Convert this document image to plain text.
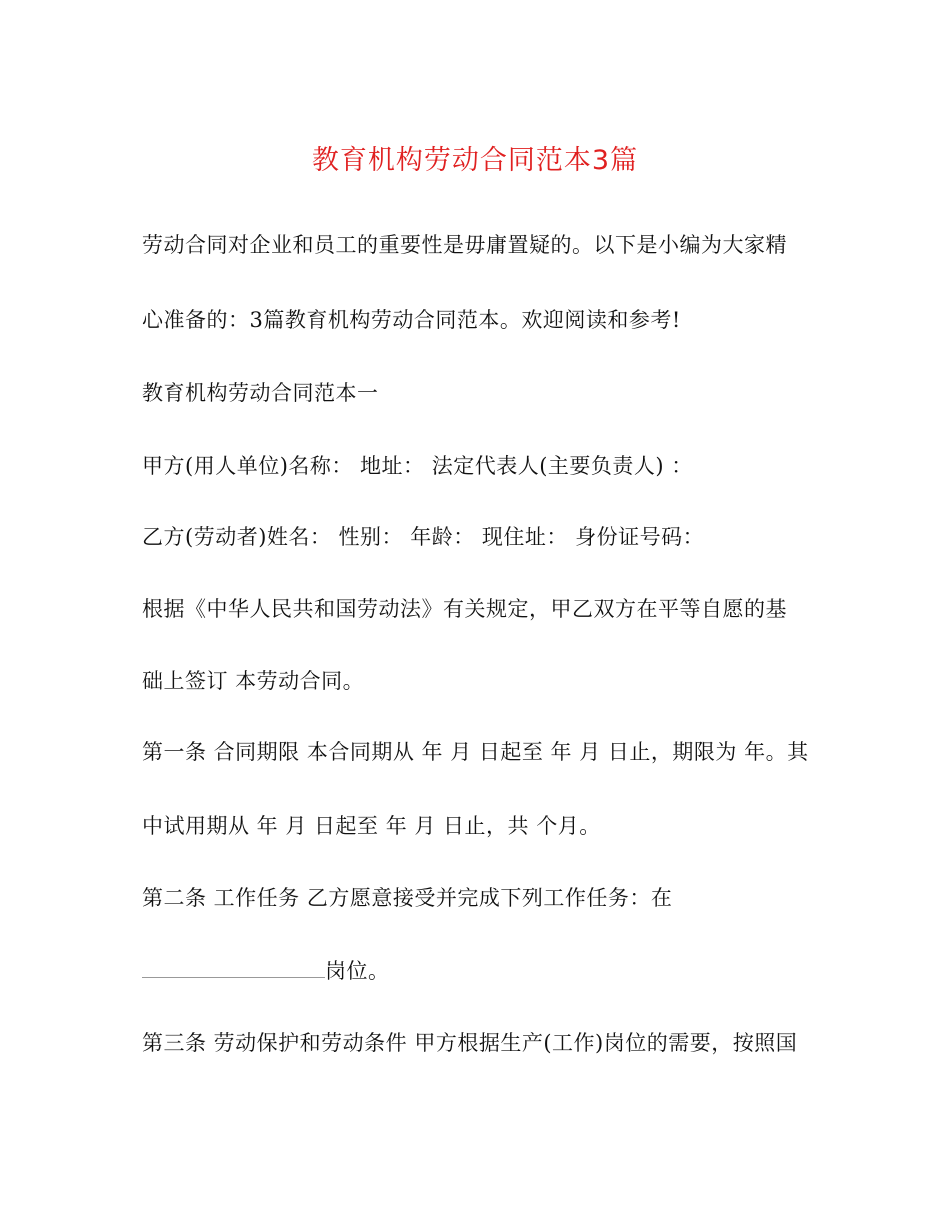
教育机构劳动合同范本3篇
劳动合同对企业和员工的重要性是毋庸置疑的。以下是小编为大家精
心准备的：3篇教育机构劳动合同范本。欢迎阅读和参考!
教育机构劳动合同范本一
甲方(用人单位)名称： 地址： 法定代表人(主要负责人) ：
乙方(劳动者)姓名： 性别： 年龄： 现住址： 身份证号码：
根据《中华人民共和国劳动法》有关规定，甲乙双方在平等自愿的基
础上签订 本劳动合同。
第一条 合同期限 本合同期从 年 月 日起至 年 月 日止，期限为 年。其
中试用期从 年 月 日起至 年 月 日止，共 个月。
第二条 工作任务 乙方愿意接受并完成下列工作任务：在
岗位。
第三条 劳动保护和劳动条件 甲方根据生产(工作)岗位的需要，按照国
